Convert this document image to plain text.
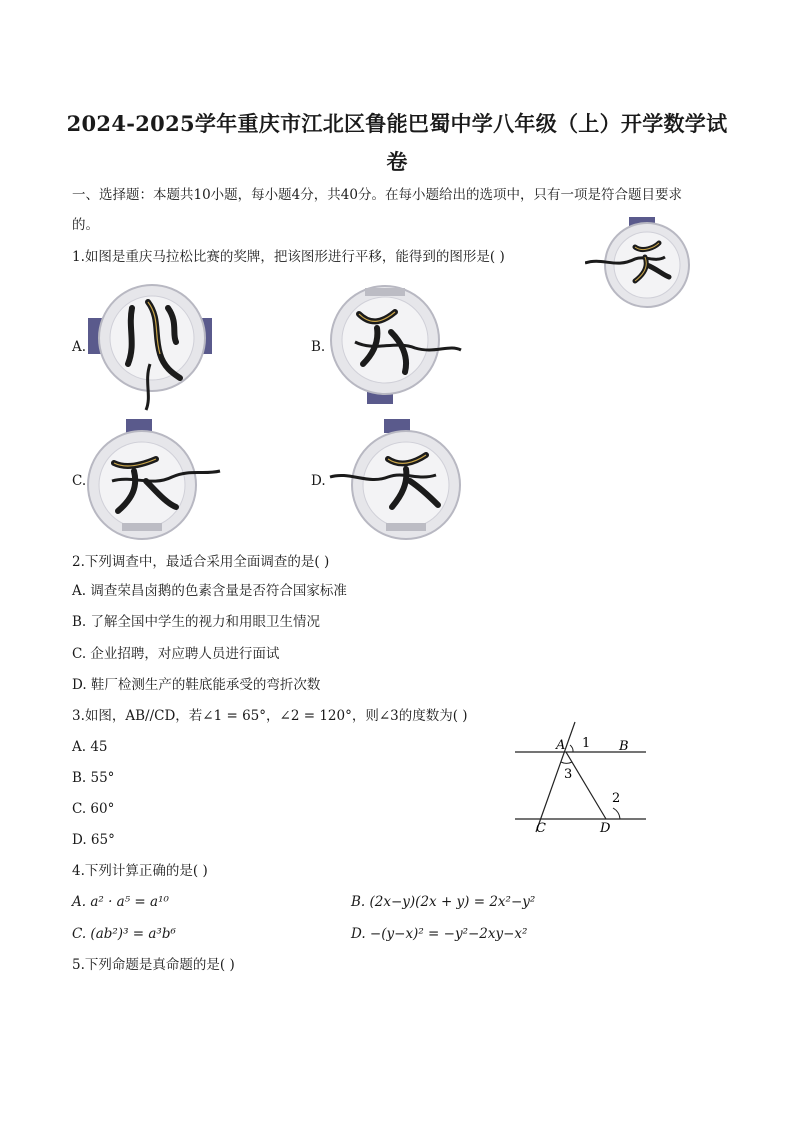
2024-2025学年重庆市江北区鲁能巴蜀中学八年级（上）开学数学试
卷
一、选择题：本题共10小题，每小题4分，共40分。在每小题给出的选项中，只有一项是符合题目要求
的。
1.如图是重庆马拉松比赛的奖牌，把该图形进行平移，能得到的图形是( )
A.	B.
C.	D.
2.下列调查中，最适合采用全面调查的是( )
A. 调查荣昌卤鹅的色素含量是否符合国家标准
B. 了解全国中学生的视力和用眼卫生情况
C. 企业招聘，对应聘人员进行面试
D. 鞋厂检测生产的鞋底能承受的弯折次数
3.如图，AB//CD，若∠1 = 65°，∠2 = 120°，则∠3的度数为( )
A. 45
B. 55°
C. 60°
D. 65°
A	B
C	D
1
2
3
4.下列计算正确的是( )
A. a² · a⁵ = a¹⁰	B. (2x−y)(2x + y) = 2x²−y²
C. (ab²)³ = a³b⁶	D. −(y−x)² = −y²−2xy−x²
5.下列命题是真命题的是( )
